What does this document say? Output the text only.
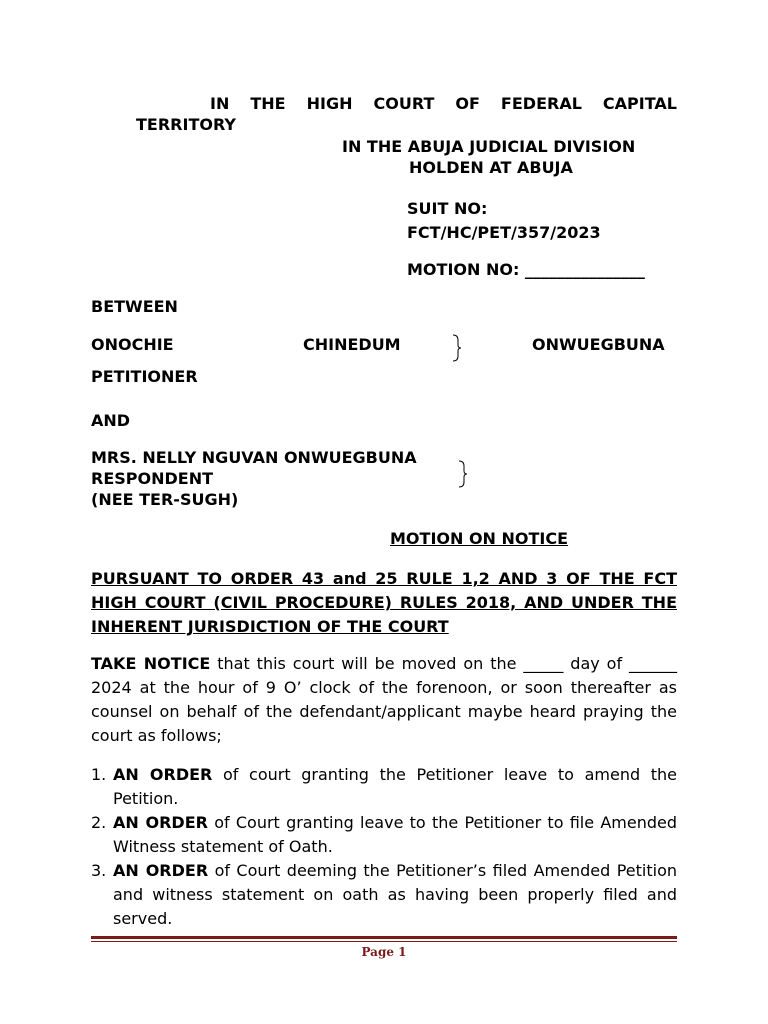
IN THE HIGH COURT OF FEDERAL CAPITAL
TERRITORY
IN THE ABUJA JUDICIAL DIVISION
HOLDEN AT ABUJA
SUIT NO:
FCT/HC/PET/357/2023
MOTION NO: _______________
BETWEEN
ONOCHIE	CHINEDUM	ONWUEGBUNA
PETITIONER
AND
MRS. NELLY NGUVAN ONWUEGBUNA
RESPONDENT
(NEE TER-SUGH)
MOTION ON NOTICE
PURSUANT TO ORDER 43 and 25 RULE 1,2 AND 3 OF THE FCT HIGH COURT (CIVIL PROCEDURE) RULES 2018, AND UNDER THE INHERENT JURISDICTION OF THE COURT
TAKE NOTICE that this court will be moved on the _____ day of ______ 2024 at the hour of 9 O’ clock of the forenoon, or soon thereafter as counsel on behalf of the defendant/applicant maybe heard praying the court as follows;
1. AN ORDER of court granting the Petitioner leave to amend the Petition.
2. AN ORDER of Court granting leave to the Petitioner to file Amended Witness statement of Oath.
3. AN ORDER of Court deeming the Petitioner’s filed Amended Petition and witness statement on oath as having been properly filed and served.
Page 1
